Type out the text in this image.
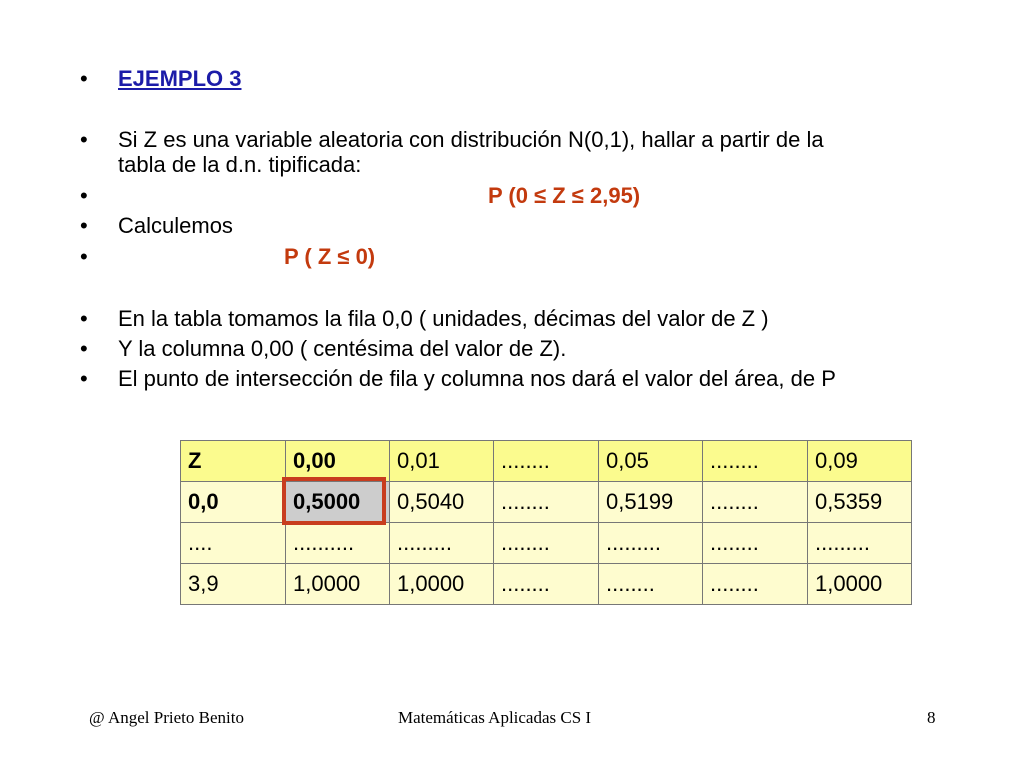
• EJEMPLO 3
• Si Z es una variable aleatoria con distribución N(0,1), hallar a partir de la
tabla de la d.n. tipificada:
•	P (0 ≤ Z ≤ 2,95)
• Calculemos
•	P ( Z ≤ 0)
• En la tabla tomamos la fila 0,0 ( unidades, décimas del valor de Z )
• Y la columna 0,00 ( centésima del valor de Z).
• El punto de intersección de fila y columna nos dará el valor del área, de P
Z	0,00	0,01	........	0,05	........	0,09
0,0	0,5000	0,5040	........	0,5199	........	0,5359
....	..........	.........	........	.........	........	.........
3,9	1,0000	1,0000	........	........	........	1,0000
@ Angel Prieto Benito	Matemáticas Aplicadas CS I	8
